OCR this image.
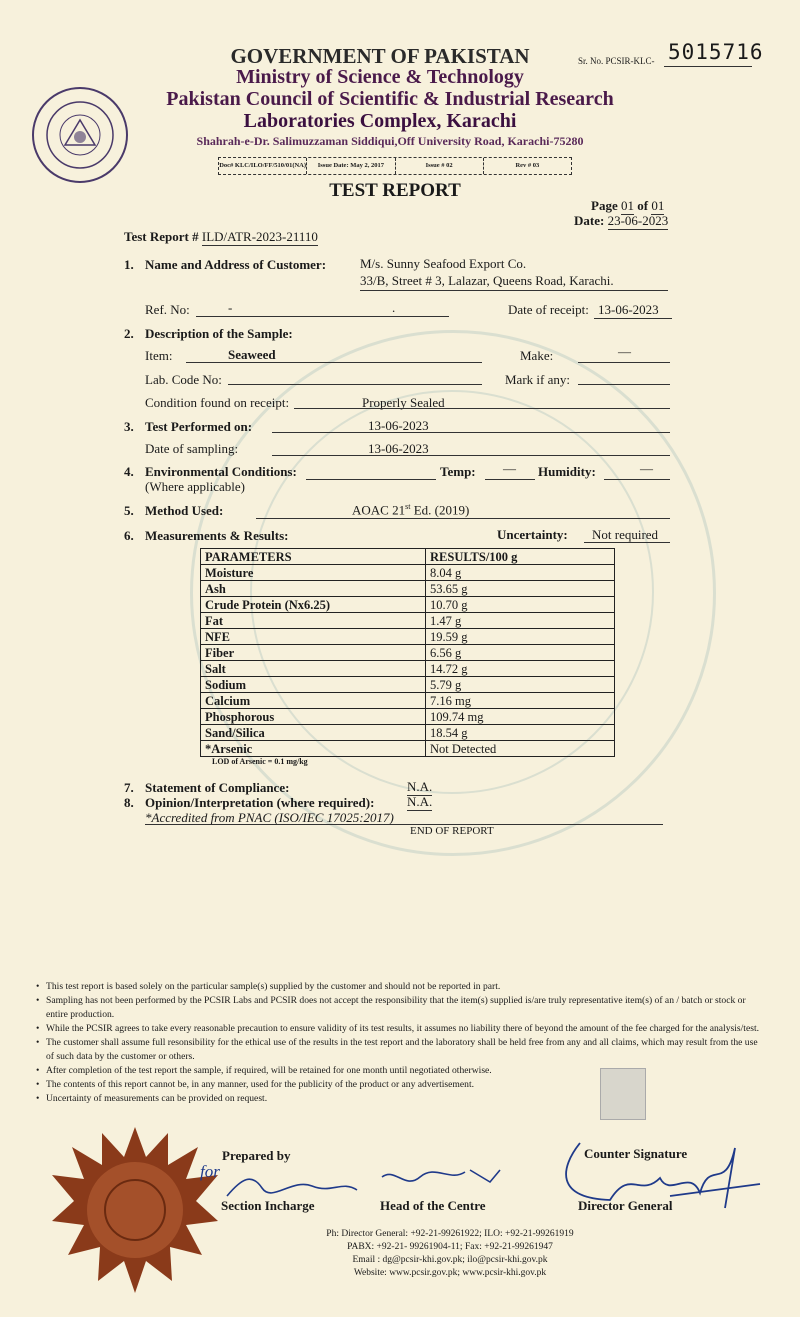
GOVERNMENT OF PAKISTAN
Ministry of Science & Technology
Pakistan Council of Scientific & Industrial Research
Laboratories Complex, Karachi
Shahrah-e-Dr. Salimuzzaman Siddiqui,Off University Road, Karachi-75280
Sr. No. PCSIR-KLC- 5015716
Doc# KLC/ILO/FF/510/01(NA)	Issue Date: May 2, 2017	Issue # 02	Rev # 03
TEST REPORT
Page 01 of 01
Date: 23-06-2023
Test Report # ILD/ATR-2023-21110
1. Name and Address of Customer:	M/s. Sunny Seafood Export Co.
33/B, Street # 3, Lalazar, Queens Road, Karachi.
Ref. No:	-	.	Date of receipt: 13-06-2023
2. Description of the Sample:
Item:	Seaweed	Make:	—
Lab. Code No:	Mark if any:
Condition found on receipt:	Properly Sealed
3. Test Performed on:	13-06-2023
Date of sampling:	13-06-2023
4. Environmental Conditions:
(Where applicable)
Temp: — Humidity:	—
5. Method Used:	AOAC 21st Ed. (2019)
6. Measurements & Results:	Uncertainty: Not required
PARAMETERS	RESULTS/100 g
Moisture	8.04 g
Ash	53.65 g
Crude Protein (Nx6.25)	10.70 g
Fat	1.47 g
NFE	19.59 g
Fiber	6.56 g
Salt	14.72 g
Sodium	5.79 g
Calcium	7.16 mg
Phosphorous	109.74 mg
Sand/Silica	18.54 g
*Arsenic	Not Detected
LOD of Arsenic = 0.1 mg/kg
7. Statement of Compliance:	N.A.
8. Opinion/Interpretation (where required):	N.A.
*Accredited from PNAC (ISO/IEC 17025:2017)
END OF REPORT
• This test report is based solely on the particular sample(s) supplied by the customer and should not be reported in part.
• Sampling has not been performed by the PCSIR Labs and PCSIR does not accept the responsibility that the item(s) supplied is/are truly representative item(s) of an / batch or stock or entire production.
• While the PCSIR agrees to take every reasonable precaution to ensure validity of its test results, it assumes no liability there of beyond the amount of the fee charged for the analysis/test.
• The customer shall assume full resonsibility for the ethical use of the results in the test report and the laboratory shall be held free from any and all claims, which may result from the use of such data by the customer or others.
• After completion of the test report the sample, if required, will be retained for one month until negotiated otherwise.
• The contents of this report cannot be, in any manner, used for the publicity of the product or any advertisement.
• Uncertainty of measurements can be provided on request.
Prepared by
for
Section Incharge	Head of the Centre
Counter Signature
Director General
Ph: Director General: +92-21-99261922; ILO: +92-21-99261919
PABX: +92-21- 99261904-11; Fax: +92-21-99261947
Email : dg@pcsir-khi.gov.pk; ilo@pcsir-khi.gov.pk
Website: www.pcsir.gov.pk; www.pcsir-khi.gov.pk
